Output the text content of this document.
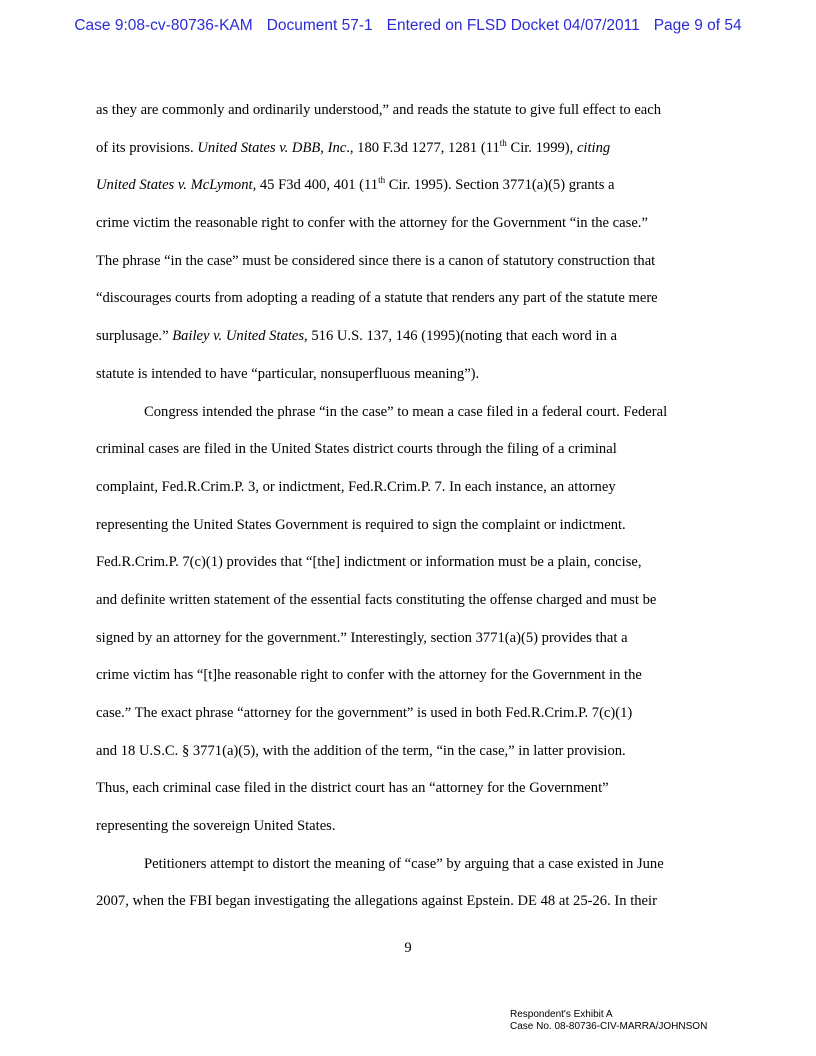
Case 9:08-cv-80736-KAM Document 57-1 Entered on FLSD Docket 04/07/2011 Page 9 of 54
as they are commonly and ordinarily understood,” and reads the statute to give full effect to each
of its provisions. United States v. DBB, Inc., 180 F.3d 1277, 1281 (11th Cir. 1999), citing
United States v. McLymont, 45 F3d 400, 401 (11th Cir. 1995). Section 3771(a)(5) grants a
crime victim the reasonable right to confer with the attorney for the Government “in the case.”
The phrase “in the case” must be considered since there is a canon of statutory construction that
“discourages courts from adopting a reading of a statute that renders any part of the statute mere
surplusage.” Bailey v. United States, 516 U.S. 137, 146 (1995)(noting that each word in a
statute is intended to have “particular, nonsuperfluous meaning”).
Congress intended the phrase “in the case” to mean a case filed in a federal court. Federal
criminal cases are filed in the United States district courts through the filing of a criminal
complaint, Fed.R.Crim.P. 3, or indictment, Fed.R.Crim.P. 7. In each instance, an attorney
representing the United States Government is required to sign the complaint or indictment.
Fed.R.Crim.P. 7(c)(1) provides that “[the] indictment or information must be a plain, concise,
and definite written statement of the essential facts constituting the offense charged and must be
signed by an attorney for the government.” Interestingly, section 3771(a)(5) provides that a
crime victim has “[t]he reasonable right to confer with the attorney for the Government in the
case.” The exact phrase “attorney for the government” is used in both Fed.R.Crim.P. 7(c)(1)
and 18 U.S.C. § 3771(a)(5), with the addition of the term, “in the case,” in latter provision.
Thus, each criminal case filed in the district court has an “attorney for the Government”
representing the sovereign United States.
Petitioners attempt to distort the meaning of “case” by arguing that a case existed in June
2007, when the FBI began investigating the allegations against Epstein. DE 48 at 25-26. In their
9
Respondent's Exhibit A
Case No. 08-80736-CIV-MARRA/JOHNSON
